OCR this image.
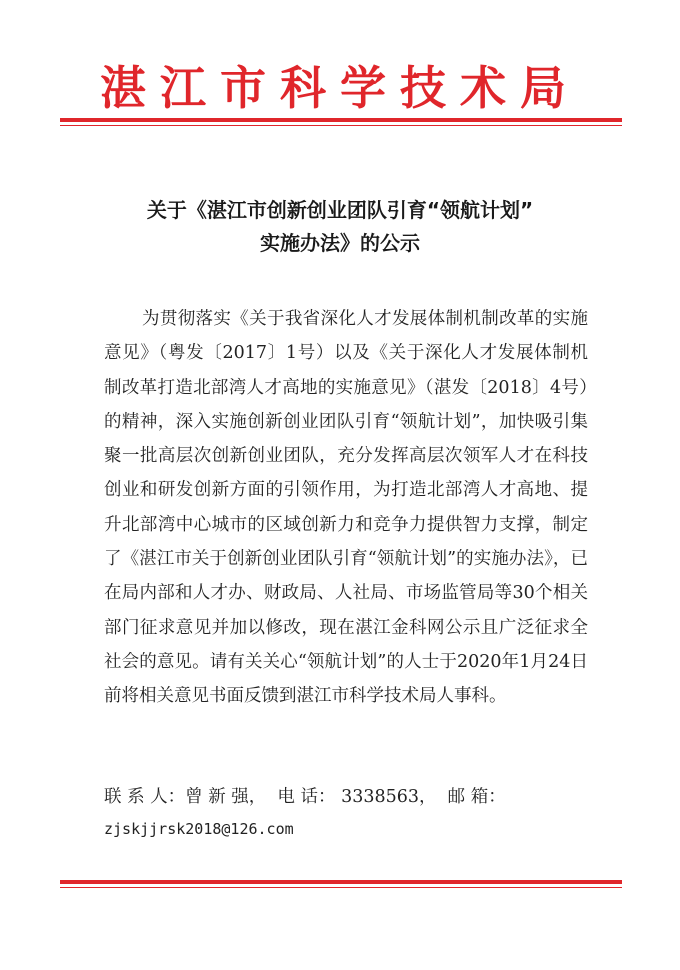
湛江市科学技术局
关于《湛江市创新创业团队引育“领航计划”
实施办法》的公示

为贯彻落实《关于我省深化人才发展体制机制改革的实施意见》（粤发〔2017〕1号）以及《关于深化人才发展体制机制改革打造北部湾人才高地的实施意见》（湛发〔2018〕4号）的精神，深入实施创新创业团队引育“领航计划”，加快吸引集聚一批高层次创新创业团队，充分发挥高层次领军人才在科技创业和研发创新方面的引领作用，为打造北部湾人才高地、提升北部湾中心城市的区域创新力和竞争力提供智力支撑，制定了《湛江市关于创新创业团队引育“领航计划”的实施办法》，已在局内部和人才办、财政局、人社局、市场监管局等30个相关部门征求意见并加以修改，现在湛江金科网公示且广泛征求全社会的意见。请有关关心“领航计划”的人士于2020年1月24日前将相关意见书面反馈到湛江市科学技术局人事科。

联 系 人：曾 新 强， 电 话： 3338563， 邮 箱：
zjskjjrsk2018@126.com
